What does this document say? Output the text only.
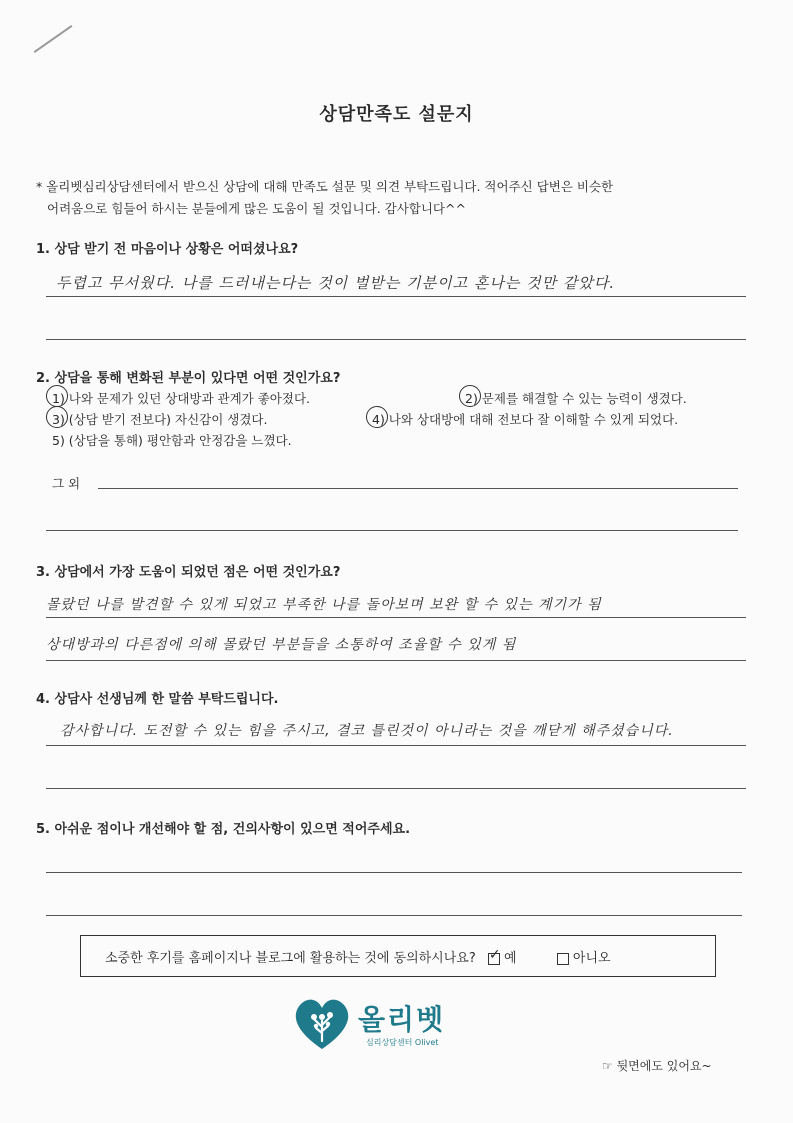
상담만족도 설문지
* 올리벳심리상담센터에서 받으신 상담에 대해 만족도 설문 및 의견 부탁드립니다. 적어주신 답변은 비슷한
어려움으로 힘들어 하시는 분들에게 많은 도움이 될 것입니다. 감사합니다^^
1. 상담 받기 전 마음이나 상황은 어떠셨나요?
두렵고 무서웠다. 나를 드러내는다는 것이 벌받는 기분이고 혼나는 것만 같았다.
2. 상담을 통해 변화된 부분이 있다면 어떤 것인가요?
1) 나와 문제가 있던 상대방과 관계가 좋아졌다.	2) 문제를 해결할 수 있는 능력이 생겼다.
3) (상담 받기 전보다) 자신감이 생겼다.	4) 나와 상대방에 대해 전보다 잘 이해할 수 있게 되었다.
5) (상담을 통해) 평안함과 안정감을 느꼈다.
그 외
3. 상담에서 가장 도움이 되었던 점은 어떤 것인가요?
몰랐던 나를 발견할 수 있게 되었고 부족한 나를 돌아보며 보완 할 수 있는 계기가 됨
상대방과의 다른점에 의해 몰랐던 부분들을 소통하여 조율할 수 있게 됨
4. 상담사 선생님께 한 말씀 부탁드립니다.
감사합니다. 도전할 수 있는 힘을 주시고, 결코 틀린것이 아니라는 것을 깨닫게 해주셨습니다.
5. 아쉬운 점이나 개선해야 할 점, 건의사항이 있으면 적어주세요.
소중한 후기를 홈페이지나 블로그에 활용하는 것에 동의하시나요? ✓ 예	아니오
올리벳
심리상담센터 Olivet
☞ 뒷면에도 있어요~
